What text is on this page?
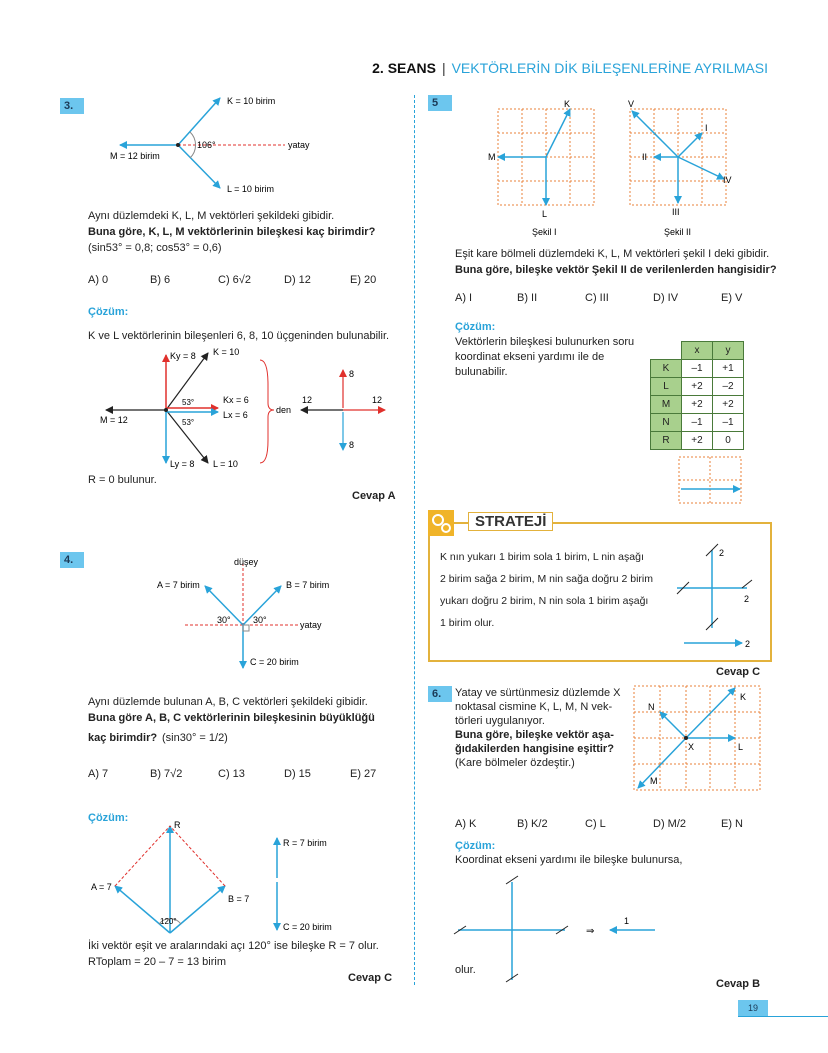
2. SEANS | VEKTÖRLERİN DİK BİLEŞENLERİNE AYRILMASI
3.	K = 10 birim
L = 10 birim
M = 12 birim
106°	yatay
Aynı düzlemdeki K, L, M vektörleri şekildeki gibidir.
Buna göre, K, L, M vektörlerinin bileşkesi kaç birimdir?
(sin53° = 0,8; cos53° = 0,6)
A) 0	B) 6	C) 6√2	D) 12	E) 20
Çözüm:
K ve L vektörlerinin bileşenleri 6, 8, 10 üçgeninden bulunabilir.
Ky = 8 K = 10
Kx = 6
Lx = 6
M = 12
Ly = 8 L = 10
53°
53°
den
12	12
8
8
R = 0 bulunur.
Cevap A
4.	düşey
A = 7 birim	B = 7 birim
C = 20 birim
30° 30°	yatay
Aynı düzlemde bulunan A, B, C vektörleri şekildeki gibidir.
Buna göre A, B, C vektörlerinin bileşkesinin büyüklüğü
kaç birimdir? (sin30° = 1/2)
A) 7	B) 7√2	C) 13	D) 15	E) 27
Çözüm:
R
A = 7
B = 7
120°
R = 7 birim
C = 20 birim
İki vektör eşit ve aralarındaki açı 120° ise bileşke R = 7 olur.
RToplam = 20 – 7 = 13 birim
Cevap C
5	K
M
L
Şekil I
V
I
II
III
IV
Şekil II
Eşit kare bölmeli düzlemdeki K, L, M vektörleri şekil I deki gibidir.
Buna göre, bileşke vektör Şekil II de verilenlerden hangisidir?
A) I	B) II	C) III	D) IV	E) V
Çözüm:
Vektörlerin bileşkesi bulunurken soru koordinat ekseni yardımı ile de bulunabilir.
	x	y
K	–1	+1
L	+2	–2
M	+2	+2
N	–1	–1
R	+2	0
STRATEJİ
K nın yukarı 1 birim sola 1 birim, L nin aşağı
2 birim sağa 2 birim, M nin sağa doğru 2 birim
yukarı doğru 2 birim, N nin sola 1 birim aşağı
1 birim olur.
2
2
2
Cevap C
6.	Yatay ve sürtünmesiz düzlemde X
noktasal cismine K, L, M, N vek-
törleri uygulanıyor.
Buna göre, bileşke vektör aşa-
ğıdakilerden hangisine eşittir?
(Kare bölmeler özdeştir.)
N
K
X	L
M
A) K	B) K/2	C) L	D) M/2	E) N
Çözüm:
Koordinat ekseni yardımı ile bileşke bulunursa,
⇒
1
olur.
Cevap B
19
